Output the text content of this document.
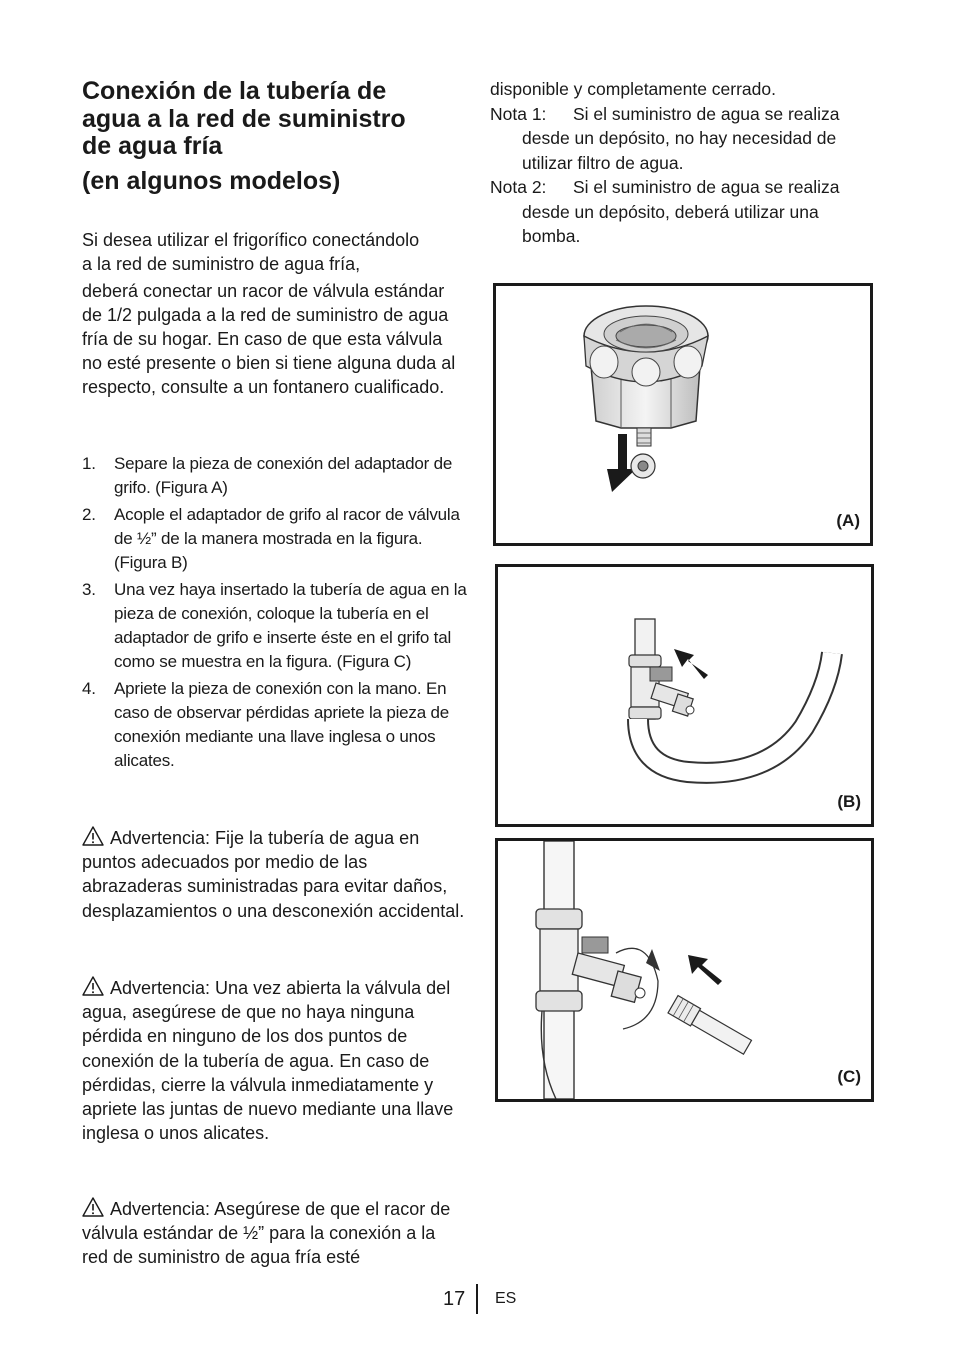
Conexión de la tubería de
agua a la red de suministro
de agua fría
(en algunos modelos)
Si desea utilizar el frigorífico conectándolo
a la red de suministro de agua fría,
deberá conectar un racor de válvula estándar de 1/2 pulgada a la red de suministro de agua fría de su hogar. En caso de que esta válvula no esté presente o bien si tiene alguna duda al respecto, consulte a un fontanero cualificado.
1. Separe la pieza de conexión del adaptador de grifo. (Figura A)
2. Acople el adaptador de grifo al racor de válvula de ½” de la manera mostrada en la figura. (Figura B)
3. Una vez haya insertado la tubería de agua en la pieza de conexión, coloque la tubería en el adaptador de grifo e inserte éste en el grifo tal como se muestra en la figura. (Figura C)
4. Apriete la pieza de conexión con la mano. En caso de observar pérdidas apriete la pieza de conexión mediante una llave inglesa o unos alicates.
Advertencia: Fije la tubería de agua en puntos adecuados por medio de las abrazaderas suministradas para evitar daños, desplazamientos o una desconexión accidental.
Advertencia: Una vez abierta la válvula del agua, asegúrese de que no haya ninguna pérdida en ninguno de los dos puntos de conexión de la tubería de agua. En caso de pérdidas, cierre la válvula inmediatamente y apriete las juntas de nuevo mediante una llave inglesa o unos alicates.
Advertencia: Asegúrese de que el racor de válvula estándar de ½” para la conexión a la red de suministro de agua fría esté
disponible y completamente cerrado.
Nota 1: Si el suministro de agua se realiza desde un depósito, no hay necesidad de utilizar filtro de agua.
Nota 2: Si el suministro de agua se realiza desde un depósito, deberá utilizar una bomba.
(A)
(B)
(C)
17 ES
